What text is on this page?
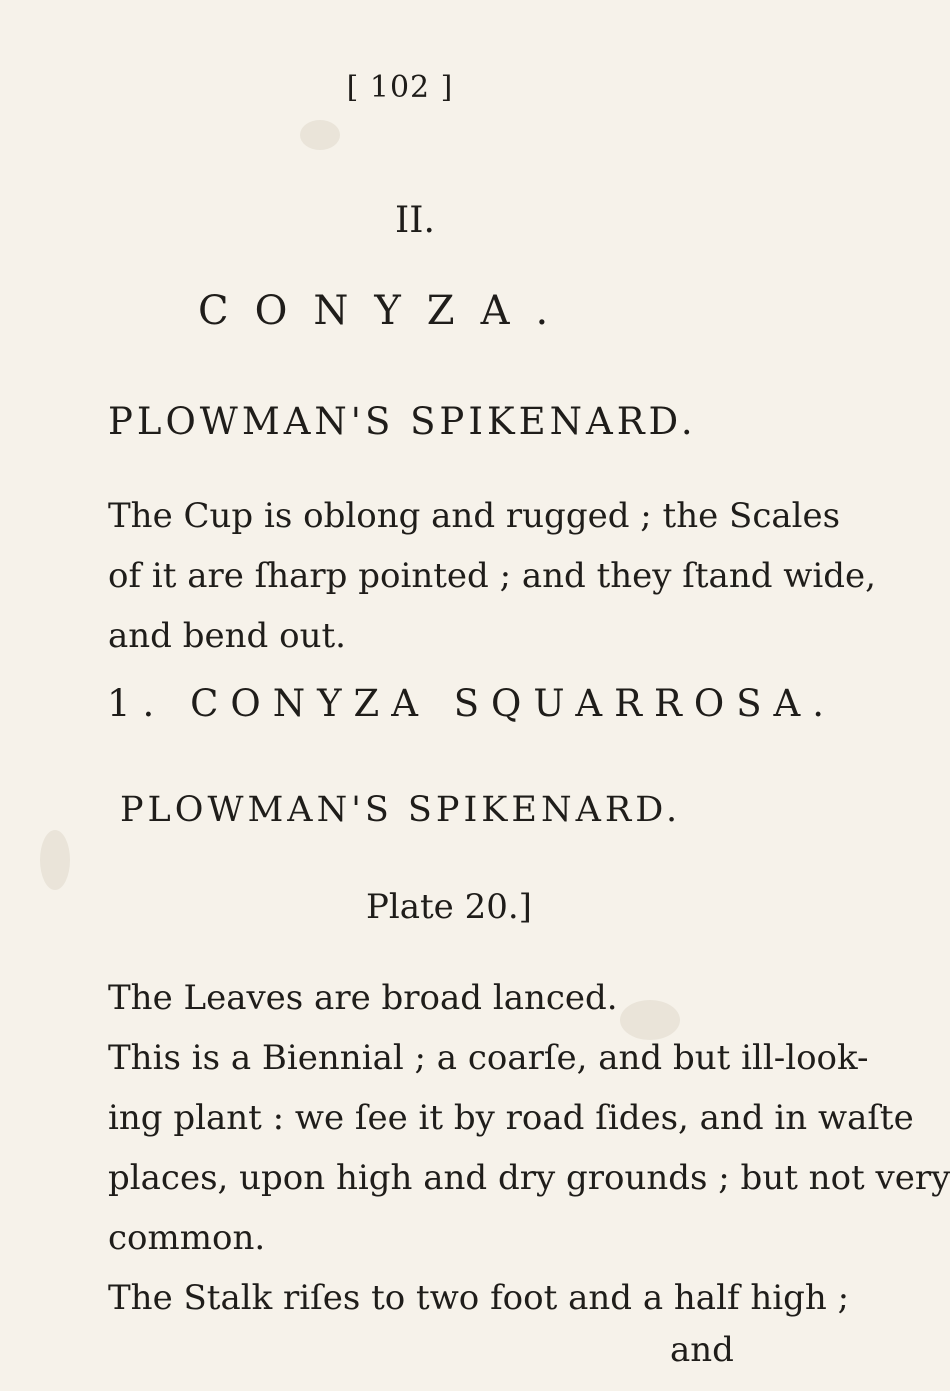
[ 102 ]
II.
CONYZA.
PLOWMAN'S SPIKENARD.
The Cup is oblong and rugged ; the Scales
of it are ſharp pointed ; and they ſtand wide,
and bend out.
1. CONYZA SQUARROSA.
PLOWMAN'S SPIKENARD.
Plate 20.]
The Leaves are broad lanced.
This is a Biennial ; a coarſe, and but ill-look-
ing plant : we ſee it by road ſides, and in waſte
places, upon high and dry grounds ; but not very
common.
The Stalk riſes to two foot and a half high ;
and
